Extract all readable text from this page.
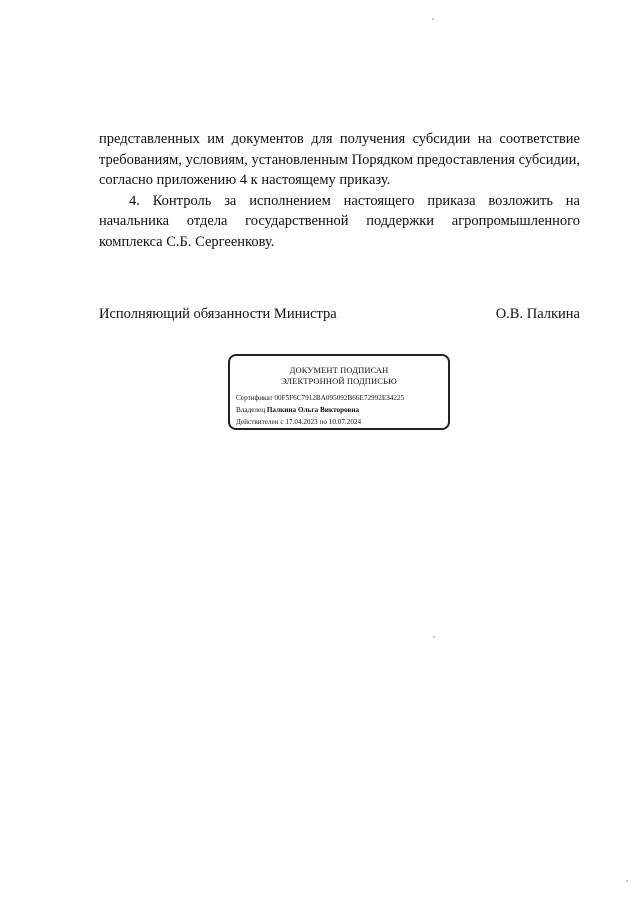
представленных им документов для получения субсидии на соответствие требованиям, условиям, установленным Порядком предоставления субсидии, согласно приложению 4 к настоящему приказу.

4. Контроль за исполнением настоящего приказа возложить на начальника отдела государственной поддержки агропромышленного комплекса С.Б. Сергеенкову.

Исполняющий обязанности Министра	О.В. Палкина
ДОКУМЕНТ ПОДПИСАН
ЭЛЕКТРОННОЙ ПОДПИСЬЮ
Сертификат 00F5F6C7912BA095092B66E72992E34225
Владелец Палкина Ольга Викторовна
Действителен с 17.04.2023 по 10.07.2024
